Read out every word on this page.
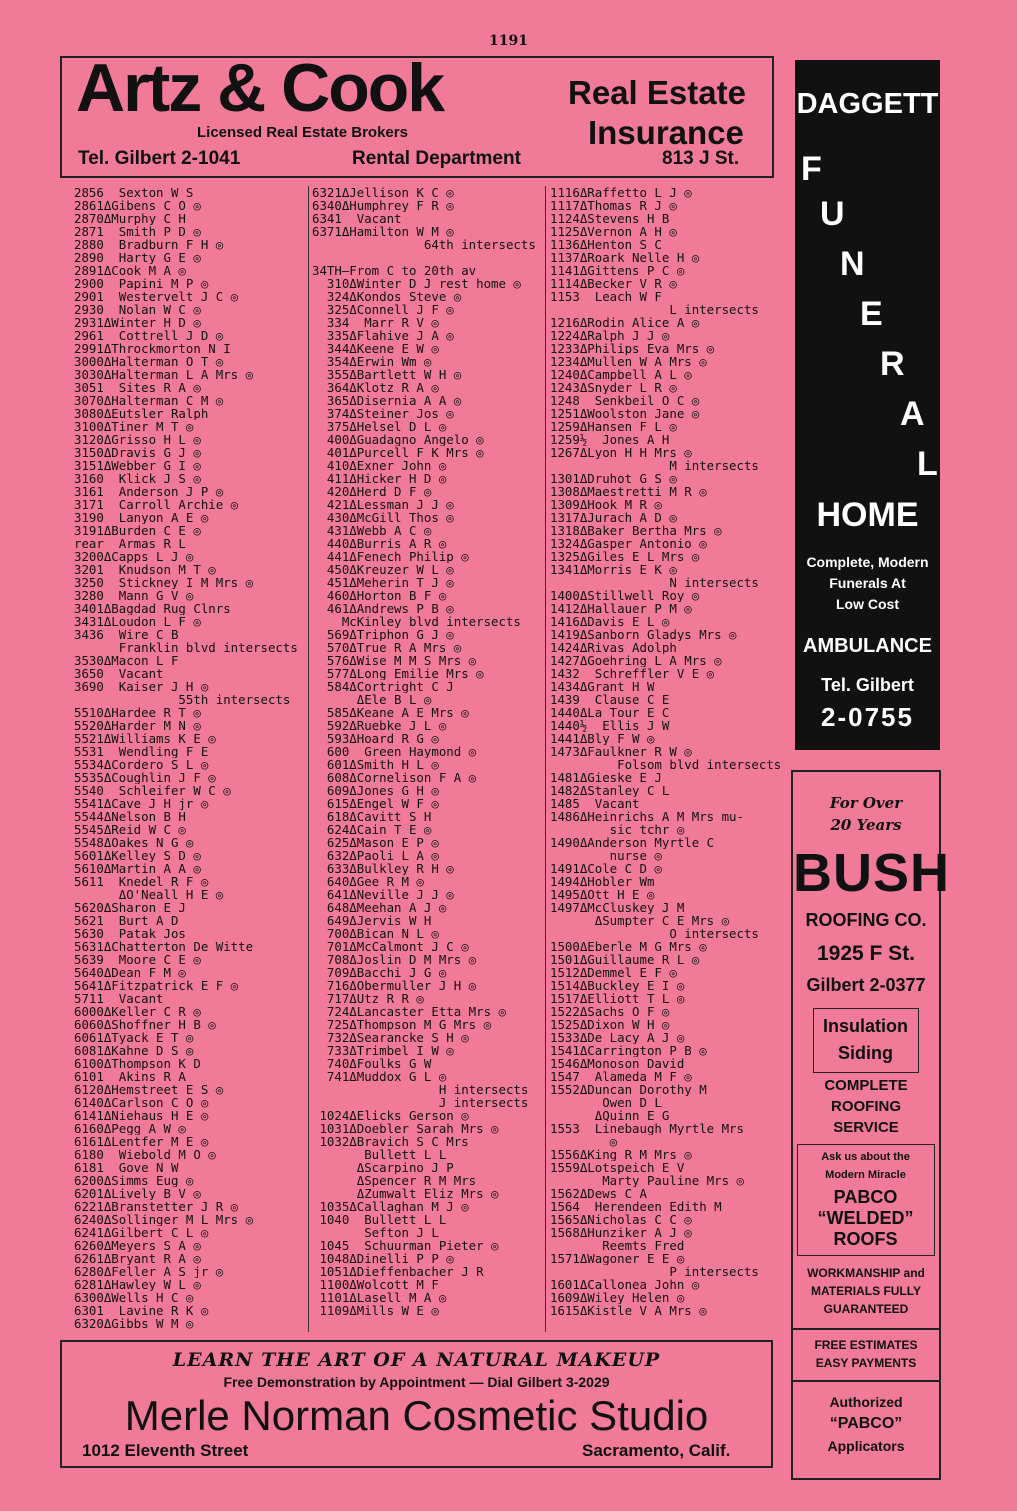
1191
Artz & Cook
Licensed Real Estate Brokers
Tel. Gilbert 2-1041	Rental Department
Real Estate
Insurance
813 J St.
2856  Sexton W S
2861ΔGibens C O ◎
2870ΔMurphy C H
2871  Smith P D ◎
2880  Bradburn F H ◎
2890  Harty G E ◎
2891ΔCook M A ◎
2900  Papini M P ◎
2901  Westervelt J C ◎
2930  Nolan W C ◎
2931ΔWinter H D ◎
2961  Cottrell J D ◎
2991ΔThrockmorton N I
3000ΔHalterman O T ◎
3030ΔHalterman L A Mrs ◎
3051  Sites R A ◎
3070ΔHalterman C M ◎
3080ΔEutsler Ralph
3100ΔTiner M T ◎
3120ΔGrisso H L ◎
3150ΔDravis G J ◎
3151ΔWebber G I ◎
3160  Klick J S ◎
3161  Anderson J P ◎
3171  Carroll Archie ◎
3190  Lanyon A E ◎
3191ΔBurden C E ◎
rear  Armas R L
3200ΔCapps L J ◎
3201  Knudson M T ◎
3250  Stickney I M Mrs ◎
3280  Mann G V ◎
3401ΔBagdad Rug Clnrs
3431ΔLoudon L F ◎
3436  Wire C B
Franklin blvd intersects
3530ΔMacon L F
3650  Vacant
3690  Kaiser J H ◎
55th intersects
5510ΔHardee R T ◎
5520ΔHarder M N ◎
5521ΔWilliams K E ◎
5531  Wendling F E
5534ΔCordero S L ◎
5535ΔCoughlin J F ◎
5540  Schleifer W C ◎
5541ΔCave J H jr ◎
5544ΔNelson B H
5545ΔReid W C ◎
5548ΔOakes N G ◎
5601ΔKelley S D ◎
5610ΔMartin A A ◎
5611  Knedel R F ◎
ΔO'Neall H E ◎
5620ΔSharon E J
5621  Burt A D
5630  Patak Jos
5631ΔChatterton De Witte
5639  Moore C E ◎
5640ΔDean F M ◎
5641ΔFitzpatrick E F ◎
5711  Vacant
6000ΔKeller C R ◎
6060ΔShoffner H B ◎
6061ΔTyack E T ◎
6081ΔKahne D S ◎
6100ΔThompson K D
6101  Akins R A
6120ΔHemstreet E S ◎
6140ΔCarlson C O ◎
6141ΔNiehaus H E ◎
6160ΔPegg A W ◎
6161ΔLentfer M E ◎
6180  Wiebold M O ◎
6181  Gove N W
6200ΔSimms Eug ◎
6201ΔLively B V ◎
6221ΔBranstetter J R ◎
6240ΔSollinger M L Mrs ◎
6241ΔGilbert C L ◎
6260ΔMeyers S A ◎
6261ΔBryant R A ◎
6280ΔFeller A S jr ◎
6281ΔHawley W L ◎
6300ΔWells H C ◎
6301  Lavine R K ◎
6320ΔGibbs W M ◎
6321ΔJellison K C ◎
6340ΔHumphrey F R ◎
6341  Vacant
6371ΔHamilton W M ◎
64th intersects
34TH—From C to 20th av
310ΔWinter D J rest home ◎
324ΔKondos Steve ◎
325ΔConnell J F ◎
334  Marr R V ◎
335ΔFlahive J A ◎
344ΔKeene E W ◎
354ΔErwin Wm ◎
355ΔBartlett W H ◎
364ΔKlotz R A ◎
365ΔDisernia A A ◎
374ΔSteiner Jos ◎
375ΔHelsel D L ◎
400ΔGuadagno Angelo ◎
401ΔPurcell F K Mrs ◎
410ΔExner John ◎
411ΔHicker H D ◎
420ΔHerd D F ◎
421ΔLessman J J ◎
430ΔMcGill Thos ◎
431ΔWebb A C ◎
440ΔBurris A R ◎
441ΔFenech Philip ◎
450ΔKreuzer W L ◎
451ΔMeherin T J ◎
460ΔHorton B F ◎
461ΔAndrews P B ◎
McKinley blvd intersects
569ΔTriphon G J ◎
570ΔTrue R A Mrs ◎
576ΔWise M M S Mrs ◎
577ΔLong Emilie Mrs ◎
584ΔCortright C J
ΔEle B L ◎
585ΔKeane A E Mrs ◎
592ΔRuebke J L ◎
593ΔHoard R G ◎
600  Green Haymond ◎
601ΔSmith H L ◎
608ΔCornelison F A ◎
609ΔJones G H ◎
615ΔEngel W F ◎
618ΔCavitt S H
624ΔCain T E ◎
625ΔMason E P ◎
632ΔPaoli L A ◎
633ΔBulkley R H ◎
640ΔGee R M ◎
641ΔNeville J J ◎
648ΔMeehan A J ◎
649ΔJervis W H
700ΔBican N L ◎
701ΔMcCalmont J C ◎
708ΔJoslin D M Mrs ◎
709ΔBacchi J G ◎
716ΔObermuller J H ◎
717ΔUtz R R ◎
724ΔLancaster Etta Mrs ◎
725ΔThompson M G Mrs ◎
732ΔSearancke S H ◎
733ΔTrimbel I W ◎
740ΔFoulks G W
741ΔMuddox G L ◎
H intersects
J intersects
1024ΔElicks Gerson ◎
1031ΔDoebler Sarah Mrs ◎
1032ΔBravich S C Mrs
Bullett L L
ΔScarpino J P
ΔSpencer R M Mrs
ΔZumwalt Eliz Mrs ◎
1035ΔCallaghan M J ◎
1040  Bullett L L
Sefton J L
1045  Schuurman Pieter ◎
1048ΔDinelli P P ◎
1051ΔDieffenbacher J R
1100ΔWolcott M F
1101ΔLasell M A ◎
1109ΔMills W E ◎
1116ΔRaffetto L J ◎
1117ΔThomas R J ◎
1124ΔStevens H B
1125ΔVernon A H ◎
1136ΔHenton S C
1137ΔRoark Nelle H ◎
1141ΔGittens P C ◎
1114ΔBecker V R ◎
1153  Leach W F
L intersects
1216ΔRodin Alice A ◎
1224ΔRalph J J ◎
1233ΔPhilips Eva Mrs ◎
1234ΔMullen W A Mrs ◎
1240ΔCampbell A L ◎
1243ΔSnyder L R ◎
1248  Senkbeil O C ◎
1251ΔWoolston Jane ◎
1259ΔHansen F L ◎
1259½  Jones A H
1267ΔLyon H H Mrs ◎
M intersects
1301ΔDruhot G S ◎
1308ΔMaestretti M R ◎
1309ΔHook M R ◎
1317ΔJurach A D ◎
1318ΔBaker Bertha Mrs ◎
1324ΔGasper Antonio ◎
1325ΔGiles E L Mrs ◎
1341ΔMorris E K ◎
N intersects
1400ΔStillwell Roy ◎
1412ΔHallauer P M ◎
1416ΔDavis E L ◎
1419ΔSanborn Gladys Mrs ◎
1424ΔRivas Adolph
1427ΔGoehring L A Mrs ◎
1432  Schreffler V E ◎
1434ΔGrant H W
1439  Clause C E
1440ΔLa Tour E C
1440½  Ellis J W
1441ΔBly F W ◎
1473ΔFaulkner R W ◎
Folsom blvd intersects
1481ΔGieske E J
1482ΔStanley C L
1485  Vacant
1486ΔHeinrichs A M Mrs mu-
sic tchr ◎
1490ΔAnderson Myrtle C
nurse ◎
1491ΔCole C D ◎
1494ΔHobler Wm
1495ΔOtt H E ◎
1497ΔMcCluskey J M
ΔSumpter C E Mrs ◎
O intersects
1500ΔEberle M G Mrs ◎
1501ΔGuillaume R L ◎
1512ΔDemmel E F ◎
1514ΔBuckley E I ◎
1517ΔElliott T L ◎
1522ΔSachs O F ◎
1525ΔDixon W H ◎
1533ΔDe Lacy A J ◎
1541ΔCarrington P B ◎
1546ΔMonoson David
1547  Alameda M F ◎
1552ΔDuncan Dorothy M
Owen D L
ΔQuinn E G
1553  Linebaugh Myrtle Mrs
◎
1556ΔKing R M Mrs ◎
1559ΔLotspeich E V
Marty Pauline Mrs ◎
1562ΔDews C A
1564  Herendeen Edith M
1565ΔNicholas C C ◎
1568ΔHunziker A J ◎
Reemts Fred
1571ΔWagoner E E ◎
P intersects
1601ΔCallonea John ◎
1609ΔWiley Helen ◎
1615ΔKistle V A Mrs ◎
DAGGETT
F
U
N
E
R
A
L
HOME
Complete, Modern
Funerals At
Low Cost
AMBULANCE
Tel. Gilbert
2-0755
For Over
20 Years
BUSH
ROOFING CO.
1925 F St.
Gilbert 2-0377
Insulation
Siding
COMPLETE
ROOFING
SERVICE
Ask us about the
Modern Miracle
PABCO
“WELDED”
ROOFS
WORKMANSHIP and
MATERIALS FULLY
GUARANTEED
FREE ESTIMATES
EASY PAYMENTS
Authorized
“PABCO”
Applicators
LEARN THE ART OF A NATURAL MAKEUP
Free Demonstration by Appointment — Dial Gilbert 3-2029
Merle Norman Cosmetic Studio
1012 Eleventh Street	Sacramento, Calif.
